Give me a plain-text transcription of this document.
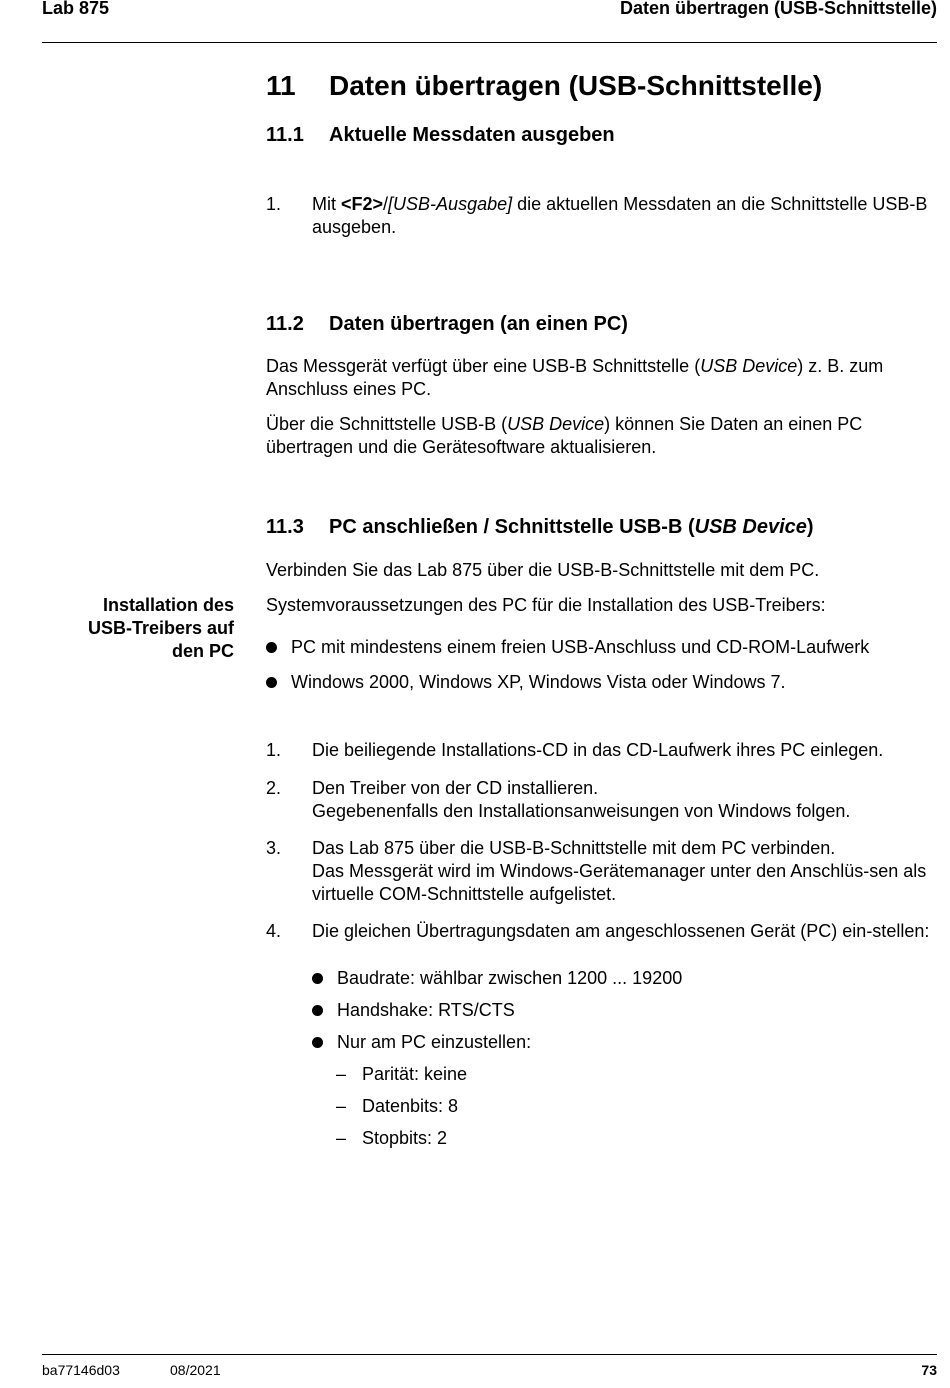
Lab 875	Daten übertragen (USB-Schnittstelle)
11 Daten übertragen (USB-Schnittstelle)
11.1 Aktuelle Messdaten ausgeben
1. Mit <F2>/[USB-Ausgabe] die aktuellen Messdaten an die Schnittstelle USB-B ausgeben.
11.2 Daten übertragen (an einen PC)
Das Messgerät verfügt über eine USB-B Schnittstelle (USB Device) z. B. zum Anschluss eines PC.
Über die Schnittstelle USB-B (USB Device) können Sie Daten an einen PC übertragen und die Gerätesoftware aktualisieren.
11.3 PC anschließen / Schnittstelle USB-B (USB Device)
Verbinden Sie das Lab 875 über die USB-B-Schnittstelle mit dem PC.
Installation des
USB-Treibers auf
den PC
Systemvoraussetzungen des PC für die Installation des USB-Treibers:
PC mit mindestens einem freien USB-Anschluss und CD-ROM-Laufwerk
Windows 2000, Windows XP, Windows Vista oder Windows 7.
1. Die beiliegende Installations-CD in das CD-Laufwerk ihres PC einlegen.
2. Den Treiber von der CD installieren.
Gegebenenfalls den Installationsanweisungen von Windows folgen.
3. Das Lab 875 über die USB-B-Schnittstelle mit dem PC verbinden.
Das Messgerät wird im Windows-Gerätemanager unter den Anschlüs-sen als virtuelle COM-Schnittstelle aufgelistet.
4. Die gleichen Übertragungsdaten am angeschlossenen Gerät (PC) ein-stellen:
Baudrate: wählbar zwischen 1200 ... 19200
Handshake: RTS/CTS
Nur am PC einzustellen:
– Parität: keine
– Datenbits: 8
– Stopbits: 2
ba77146d03	08/2021	73
